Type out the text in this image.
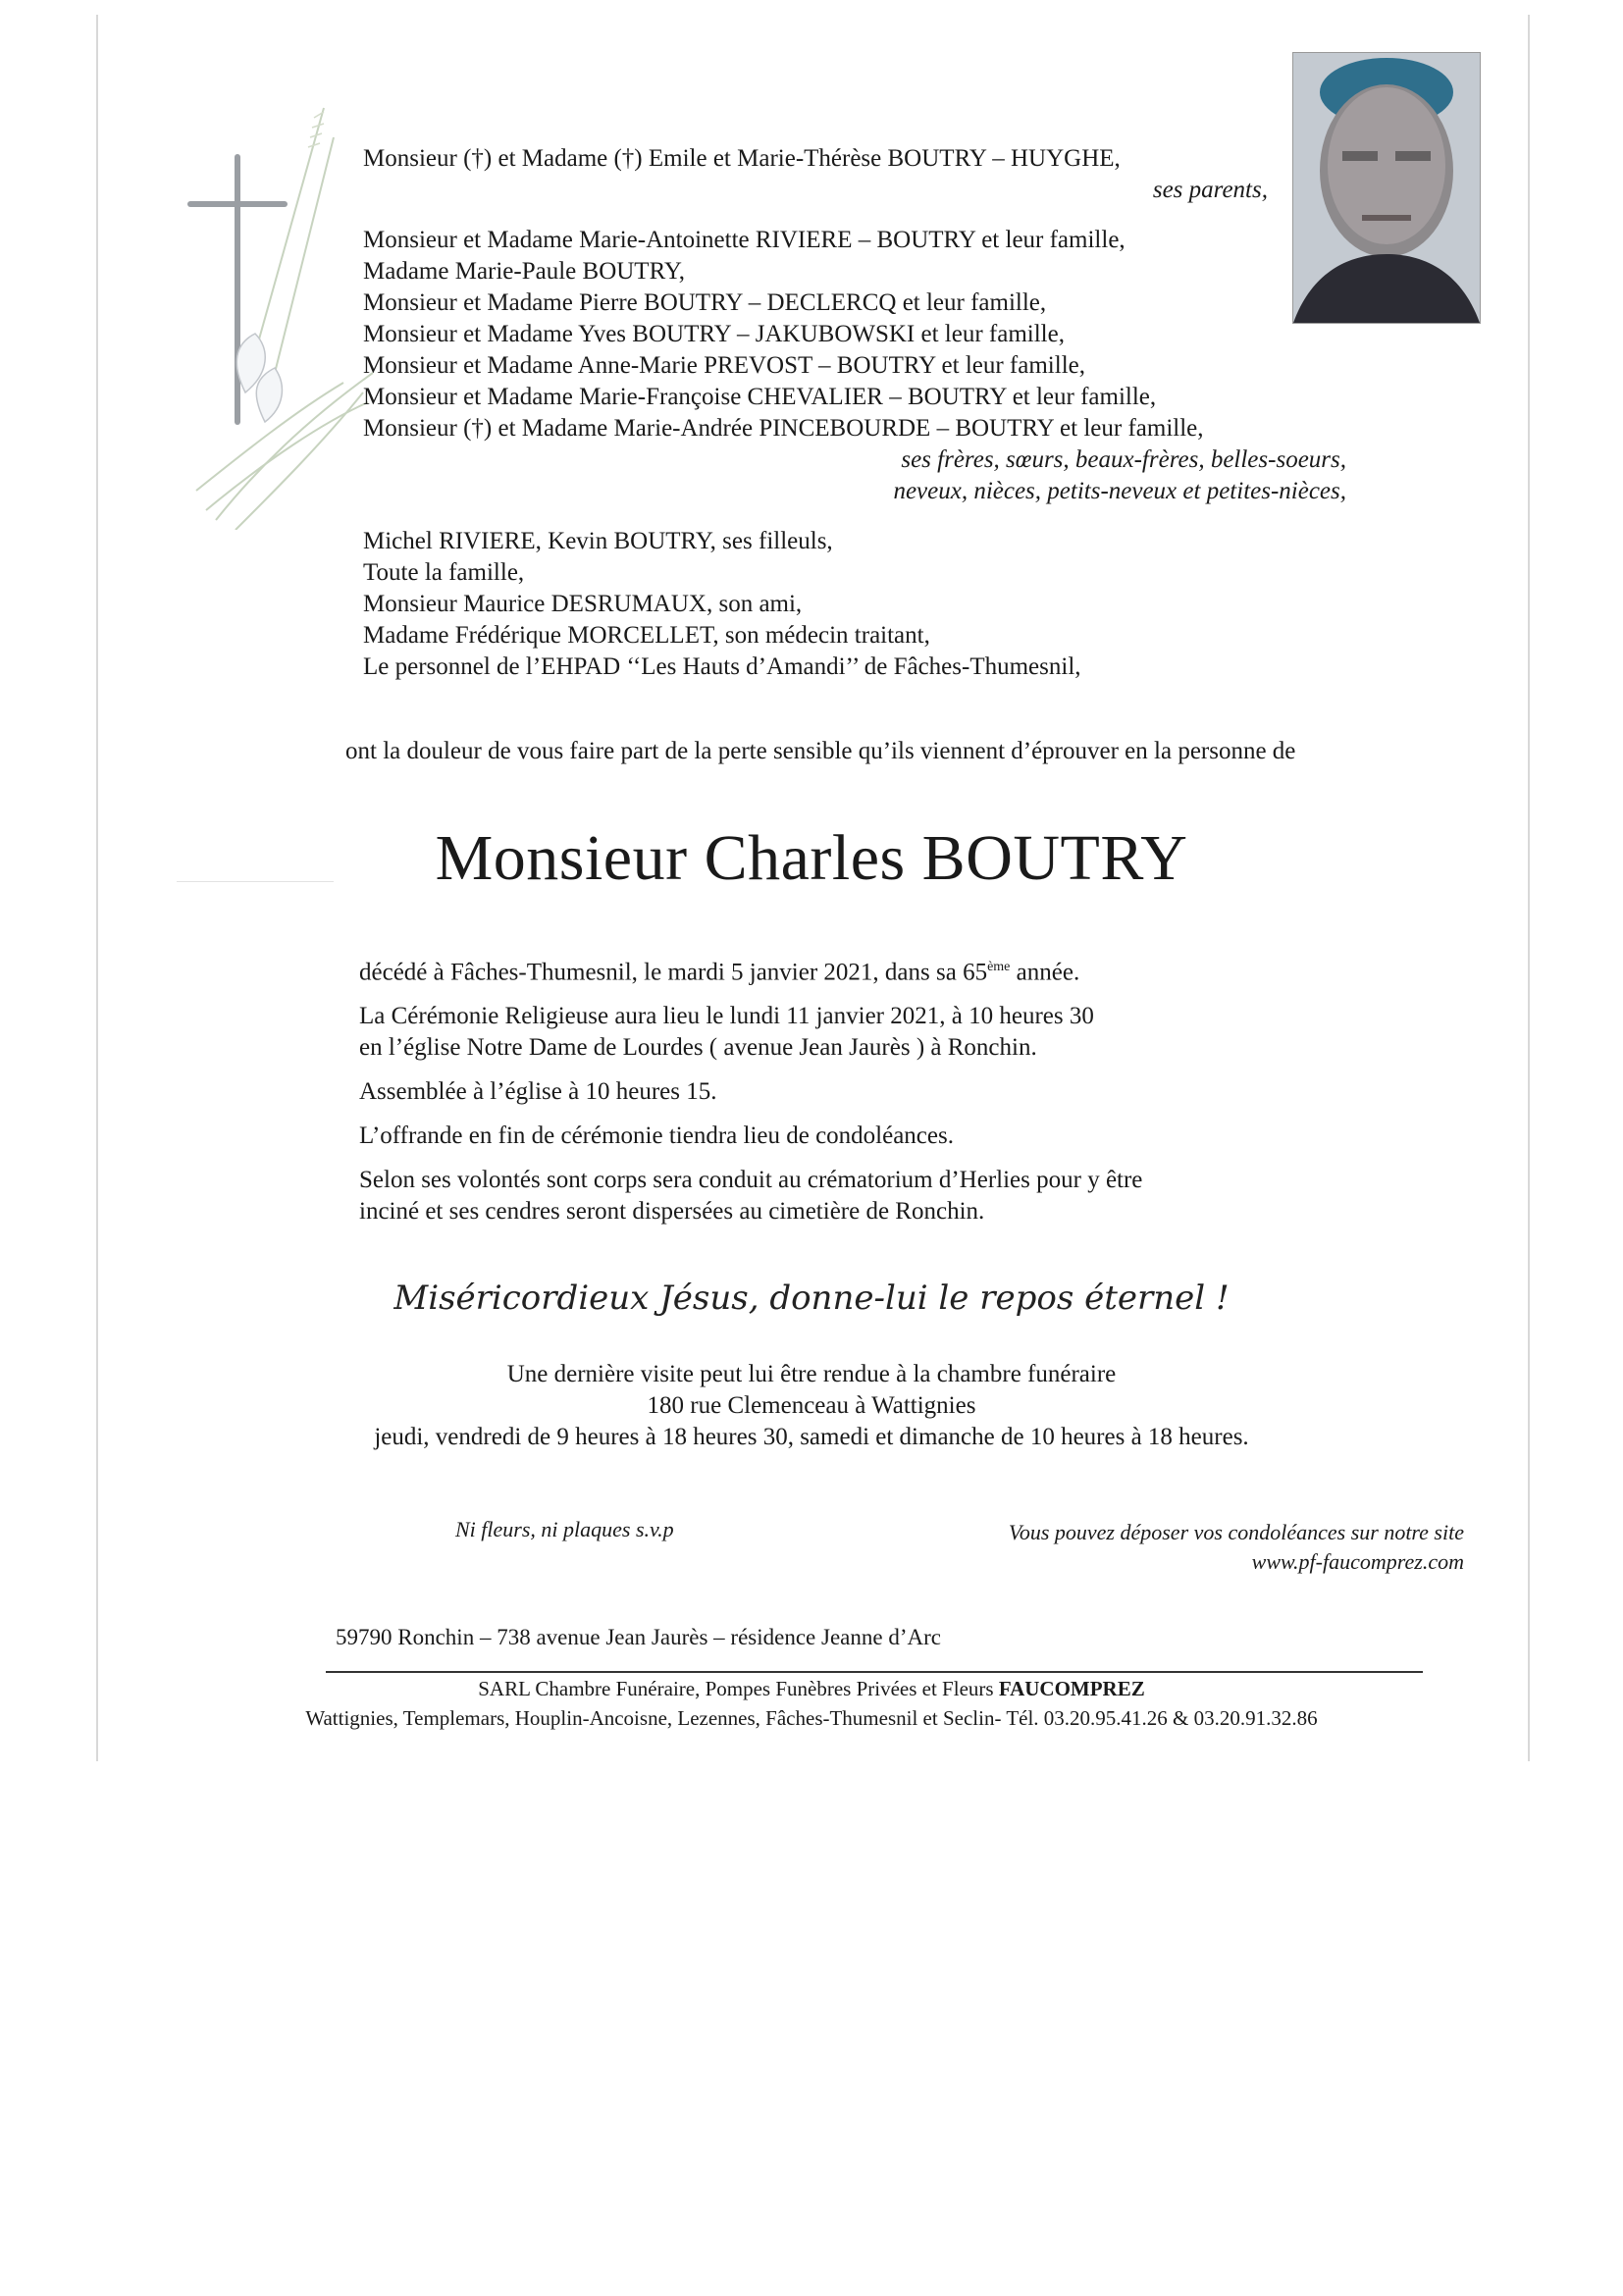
Monsieur (†) et Madame (†) Emile et Marie-Thérèse BOUTRY – HUYGHE,
ses parents,
Monsieur et Madame Marie-Antoinette RIVIERE – BOUTRY et leur famille,
Madame Marie-Paule BOUTRY,
Monsieur et Madame Pierre BOUTRY – DECLERCQ et leur famille,
Monsieur et Madame Yves BOUTRY – JAKUBOWSKI et leur famille,
Monsieur et Madame Anne-Marie PREVOST – BOUTRY et leur famille,
Monsieur et Madame Marie-Françoise CHEVALIER – BOUTRY et leur famille,
Monsieur (†) et Madame Marie-Andrée PINCEBOURDE – BOUTRY et leur famille,
ses frères, sœurs, beaux-frères, belles-soeurs,
neveux, nièces, petits-neveux et petites-nièces,
Michel RIVIERE, Kevin BOUTRY, ses filleuls,
Toute la famille,
Monsieur Maurice DESRUMAUX, son ami,
Madame Frédérique MORCELLET, son médecin traitant,
Le personnel de l’EHPAD ‘‘Les Hauts d’Amandi’’ de Fâches-Thumesnil,
ont la douleur de vous faire part de la perte sensible qu’ils viennent d’éprouver en la personne de
Monsieur Charles BOUTRY

décédé à Fâches-Thumesnil, le mardi 5 janvier 2021, dans sa 65ème année.

La Cérémonie Religieuse aura lieu le lundi 11 janvier 2021, à 10 heures 30
en l’église Notre Dame de Lourdes ( avenue Jean Jaurès ) à Ronchin.

Assemblée à l’église à 10 heures 15.

L’offrande en fin de cérémonie tiendra lieu de condoléances.

Selon ses volontés sont corps sera conduit au crématorium d’Herlies pour y être
inciné et ses cendres seront dispersées au cimetière de Ronchin.

Miséricordieux Jésus, donne-lui le repos éternel !
Une dernière visite peut lui être rendue à la chambre funéraire
180 rue Clemenceau à Wattignies
jeudi, vendredi de 9 heures à 18 heures 30, samedi et dimanche de 10 heures à 18 heures.
Ni fleurs, ni plaques s.v.p	Vous pouvez déposer vos condoléances sur notre site
www.pf-faucomprez.com
59790 Ronchin – 738 avenue Jean Jaurès – résidence Jeanne d’Arc
SARL Chambre Funéraire, Pompes Funèbres Privées et Fleurs FAUCOMPREZ
Wattignies, Templemars, Houplin-Ancoisne, Lezennes, Fâches-Thumesnil et Seclin- Tél. 03.20.95.41.26 & 03.20.91.32.86
